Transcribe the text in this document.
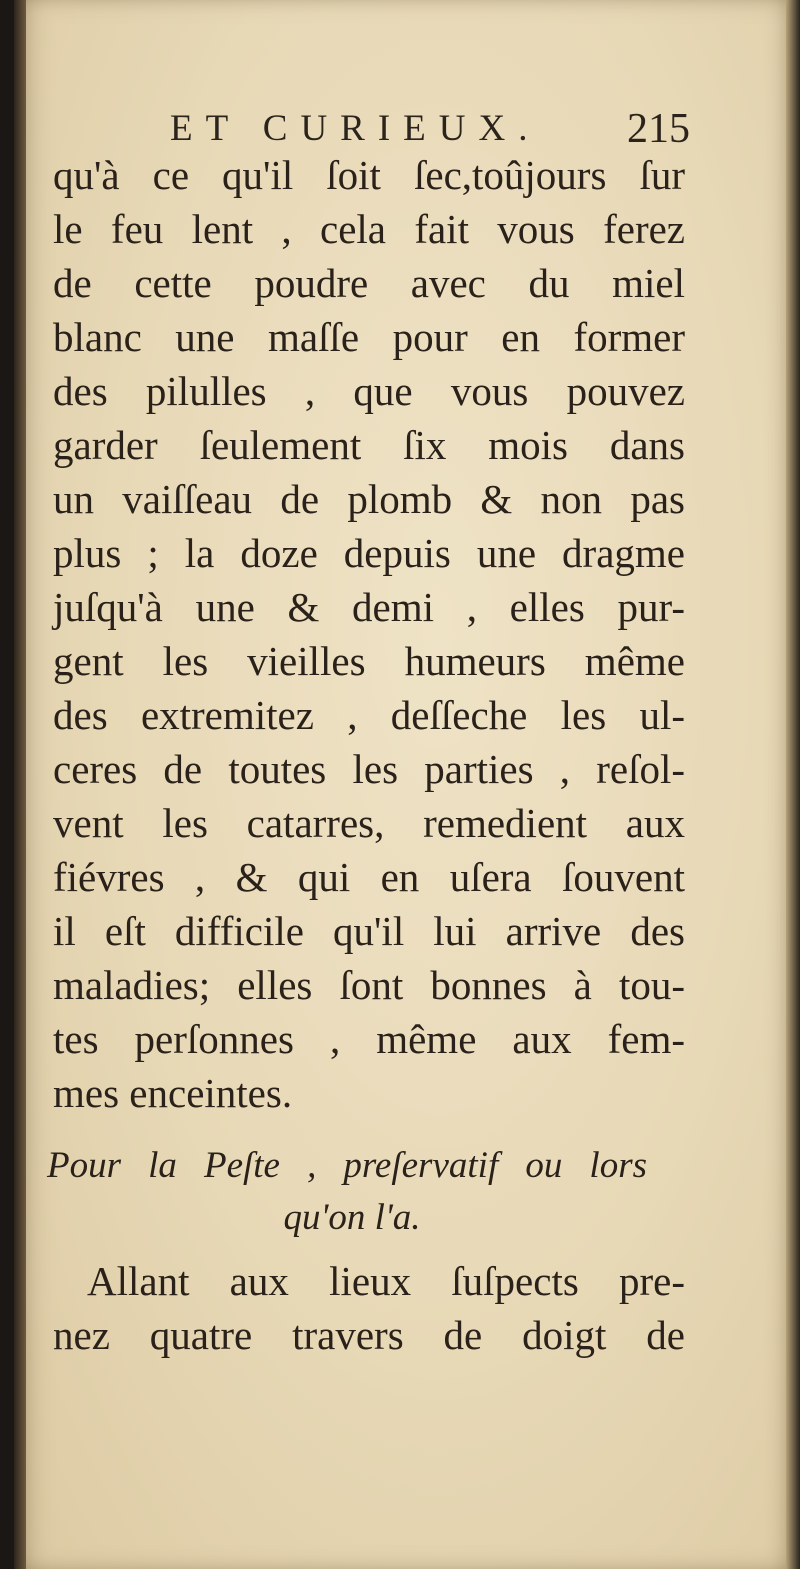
ET CURIEUX. 215
qu'à ce qu'il ſoit ſec,toûjours ſur
le feu lent , cela fait vous ferez
de cette poudre avec du miel
blanc une maſſe pour en former
des pilulles , que vous pouvez
garder ſeulement ſix mois dans
un vaiſſeau de plomb & non pas
plus ; la doze depuis une dragme
juſqu'à une & demi , elles pur-
gent les vieilles humeurs même
des extremitez , deſſeche les ul-
ceres de toutes les parties , reſol-
vent les catarres, remedient aux
fiévres , & qui en uſera ſouvent
il eſt difficile qu'il lui arrive des
maladies; elles ſont bonnes à tou-
tes perſonnes , même aux fem-
mes enceintes.
Pour la Peſte , preſervatif ou lors
qu'on l'a.
Allant aux lieux ſuſpects pre-
nez quatre travers de doigt de
